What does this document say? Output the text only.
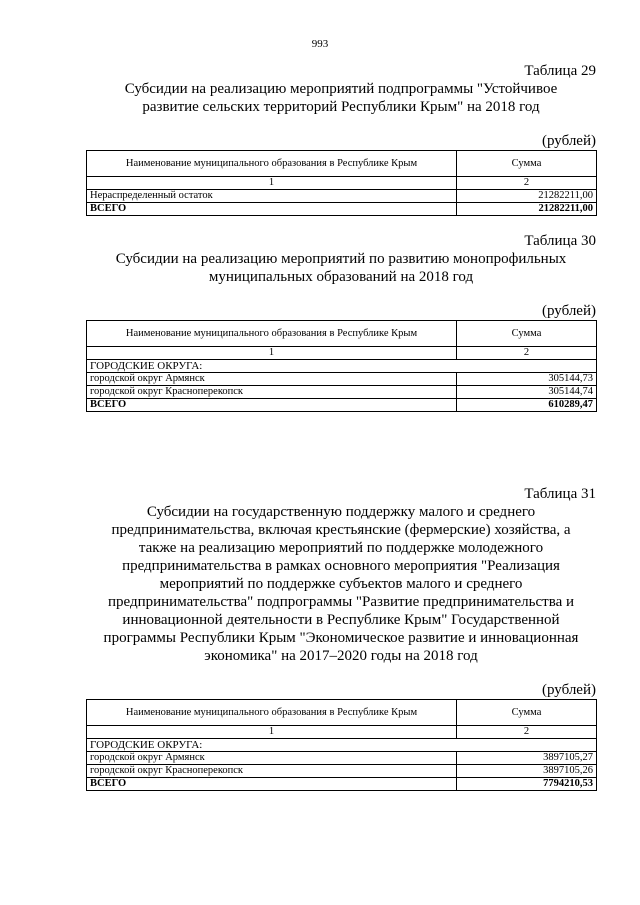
993
Таблица 29
Субсидии на реализацию мероприятий подпрограммы "Устойчивое развитие сельских территорий Республики Крым" на 2018 год
(рублей)
Наименование муниципального образования в Республике Крым	Сумма
1	2
Нераспределенный остаток	21282211,00
ВСЕГО	21282211,00
Таблица 30
Субсидии на реализацию мероприятий по развитию монопрофильных муниципальных образований на 2018 год
(рублей)
Наименование муниципального образования в Республике Крым	Сумма
1	2
ГОРОДСКИЕ ОКРУГА:	
городской округ Армянск	305144,73
городской округ Красноперекопск	305144,74
ВСЕГО	610289,47
Таблица 31
Субсидии на государственную поддержку малого и среднего предпринимательства, включая крестьянские (фермерские) хозяйства, а также на реализацию мероприятий по поддержке молодежного предпринимательства в рамках основного мероприятия "Реализация мероприятий по поддержке субъектов малого и среднего предпринимательства" подпрограммы "Развитие предпринимательства и инновационной деятельности в Республике Крым" Государственной программы Республики Крым "Экономическое развитие и инновационная экономика" на 2017–2020 годы на 2018 год
(рублей)
Наименование муниципального образования в Республике Крым	Сумма
1	2
ГОРОДСКИЕ ОКРУГА:	
городской округ Армянск	3897105,27
городской округ Красноперекопск	3897105,26
ВСЕГО	7794210,53
